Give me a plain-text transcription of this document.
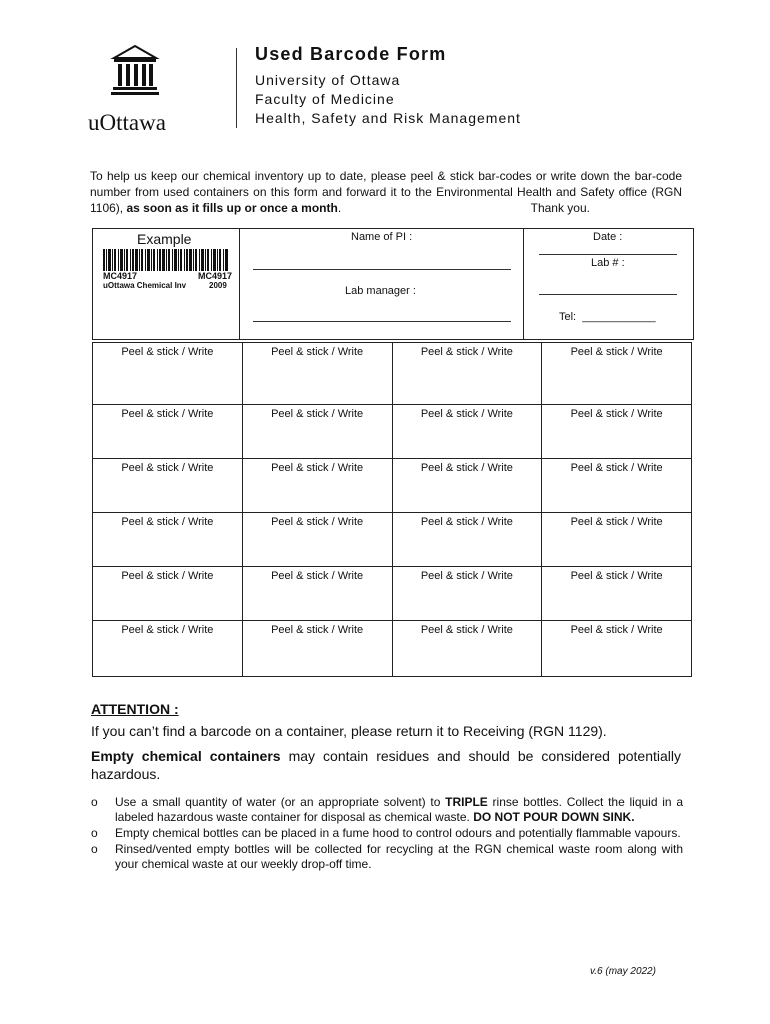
uOttawa
Used Barcode Form
University of Ottawa
Faculty of Medicine
Health, Safety and Risk Management
To help us keep our chemical inventory up to date, please peel & stick bar-codes or write down the bar-code number from used containers on this form and forward it to the Environmental Health and Safety office (RGN 1106), as soon as it fills up or once a month.	Thank you.
Example
MC4917	MC4917
uOttawa Chemical Inv	2009
Name of PI :
Lab manager :
Date :
Lab # :
Tel: ____________
Peel & stick / Write	Peel & stick / Write	Peel & stick / Write	Peel & stick / Write
Peel & stick / Write	Peel & stick / Write	Peel & stick / Write	Peel & stick / Write
Peel & stick / Write	Peel & stick / Write	Peel & stick / Write	Peel & stick / Write
Peel & stick / Write	Peel & stick / Write	Peel & stick / Write	Peel & stick / Write
Peel & stick / Write	Peel & stick / Write	Peel & stick / Write	Peel & stick / Write
Peel & stick / Write	Peel & stick / Write	Peel & stick / Write	Peel & stick / Write
ATTENTION :
If you can’t find a barcode on a container, please return it to Receiving (RGN 1129).
Empty chemical containers may contain residues and should be considered potentially hazardous.
o Use a small quantity of water (or an appropriate solvent) to TRIPLE rinse bottles. Collect the liquid in a labeled hazardous waste container for disposal as chemical waste. DO NOT POUR DOWN SINK.
o Empty chemical bottles can be placed in a fume hood to control odours and potentially flammable vapours.
o Rinsed/vented empty bottles will be collected for recycling at the RGN chemical waste room along with your chemical waste at our weekly drop-off time.
v.6 (may 2022)
